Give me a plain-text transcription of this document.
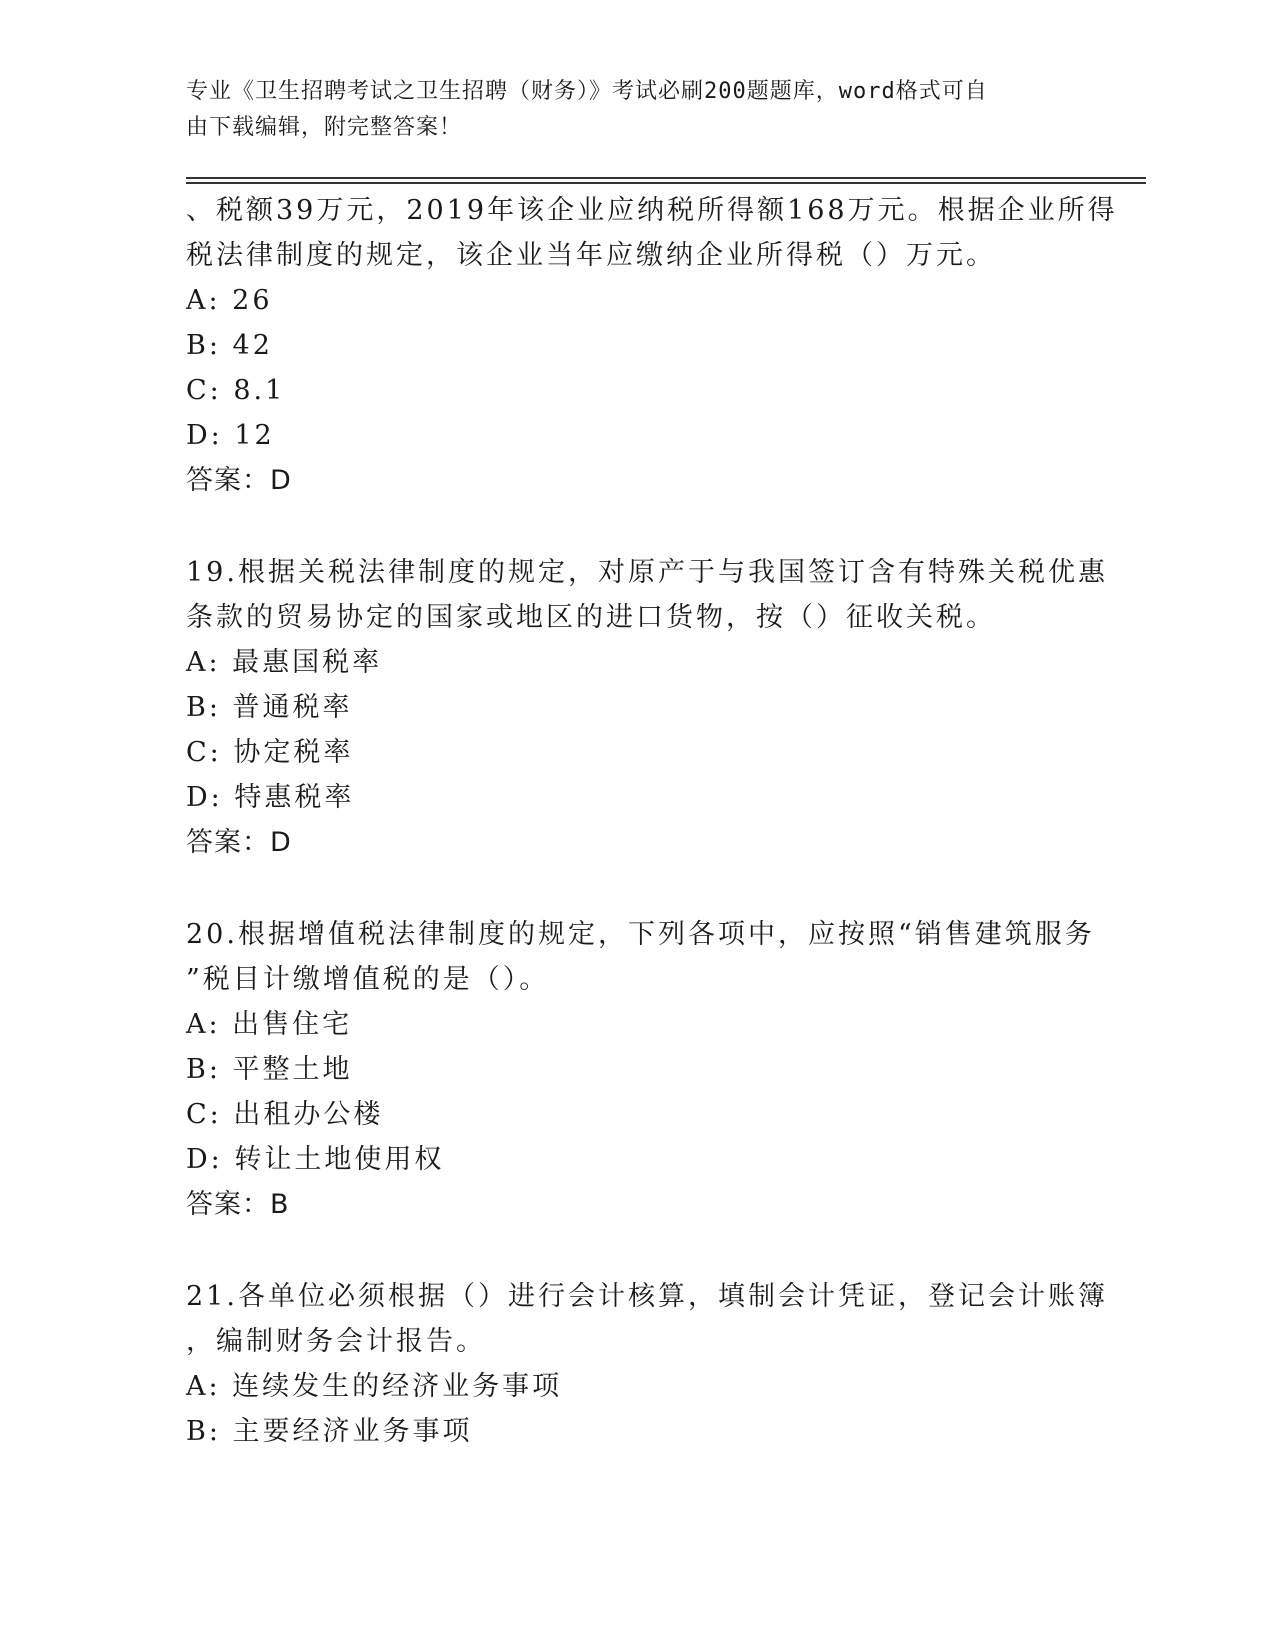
专业《卫生招聘考试之卫生招聘（财务）》考试必刷200题题库，word格式可自
由下载编辑，附完整答案！
、税额39万元，2019年该企业应纳税所得额168万元。根据企业所得
税法律制度的规定，该企业当年应缴纳企业所得税（）万元。
A: 26
B: 42
C: 8.1
D: 12
答案：D
19.根据关税法律制度的规定，对原产于与我国签订含有特殊关税优惠
条款的贸易协定的国家或地区的进口货物，按（）征收关税。
A: 最惠国税率
B: 普通税率
C: 协定税率
D: 特惠税率
答案：D
20.根据增值税法律制度的规定，下列各项中，应按照“销售建筑服务
”税目计缴增值税的是（）。
A: 出售住宅
B: 平整土地
C: 出租办公楼
D: 转让土地使用权
答案：B
21.各单位必须根据（）进行会计核算，填制会计凭证，登记会计账簿
，编制财务会计报告。
A: 连续发生的经济业务事项
B: 主要经济业务事项
